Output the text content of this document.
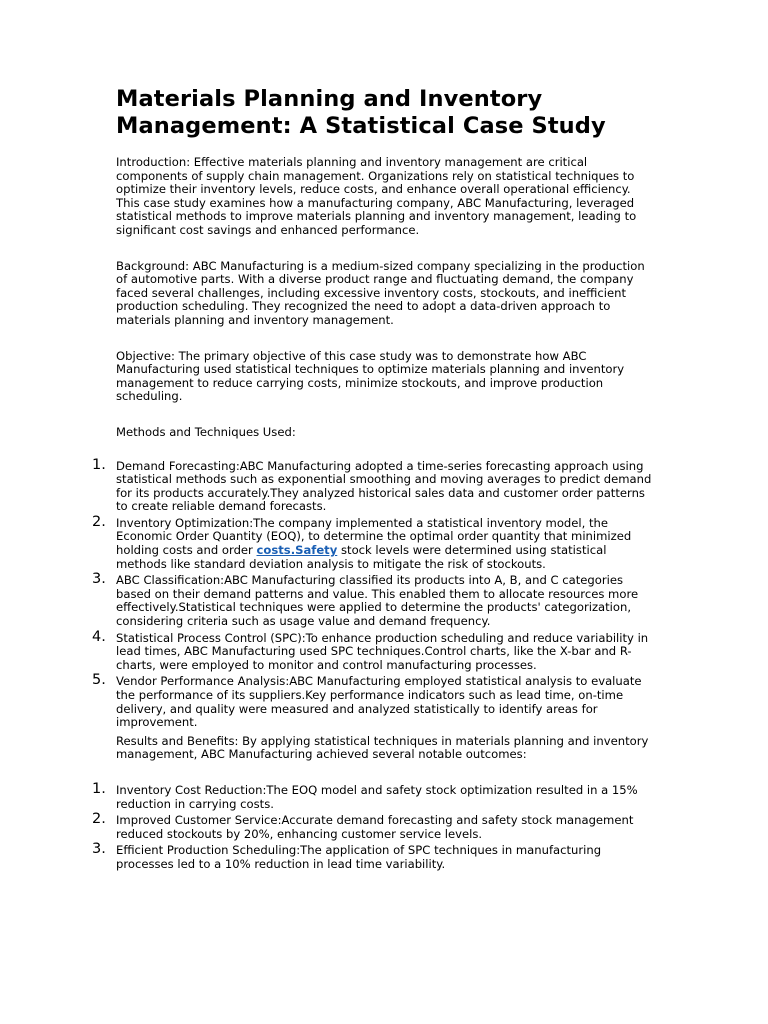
Materials Planning and Inventory Management: A Statistical Case Study

Introduction: Effective materials planning and inventory management are critical components of supply chain management. Organizations rely on statistical techniques to optimize their inventory levels, reduce costs, and enhance overall operational efficiency. This case study examines how a manufacturing company, ABC Manufacturing, leveraged statistical methods to improve materials planning and inventory management, leading to significant cost savings and enhanced performance.

Background: ABC Manufacturing is a medium-sized company specializing in the production of automotive parts. With a diverse product range and fluctuating demand, the company faced several challenges, including excessive inventory costs, stockouts, and inefficient production scheduling. They recognized the need to adopt a data-driven approach to materials planning and inventory management.

Objective: The primary objective of this case study was to demonstrate how ABC Manufacturing used statistical techniques to optimize materials planning and inventory management to reduce carrying costs, minimize stockouts, and improve production scheduling.

Methods and Techniques Used:

1. Demand Forecasting:ABC Manufacturing adopted a time-series forecasting approach using statistical methods such as exponential smoothing and moving averages to predict demand for its products accurately.They analyzed historical sales data and customer order patterns to create reliable demand forecasts.
2. Inventory Optimization:The company implemented a statistical inventory model, the Economic Order Quantity (EOQ), to determine the optimal order quantity that minimized holding costs and order costs.Safety stock levels were determined using statistical methods like standard deviation analysis to mitigate the risk of stockouts.
3. ABC Classification:ABC Manufacturing classified its products into A, B, and C categories based on their demand patterns and value. This enabled them to allocate resources more effectively.Statistical techniques were applied to determine the products' categorization, considering criteria such as usage value and demand frequency.
4. Statistical Process Control (SPC):To enhance production scheduling and reduce variability in lead times, ABC Manufacturing used SPC techniques.Control charts, like the X-bar and R-charts, were employed to monitor and control manufacturing processes.
5. Vendor Performance Analysis:ABC Manufacturing employed statistical analysis to evaluate the performance of its suppliers.Key performance indicators such as lead time, on-time delivery, and quality were measured and analyzed statistically to identify areas for improvement.

Results and Benefits: By applying statistical techniques in materials planning and inventory management, ABC Manufacturing achieved several notable outcomes:

1. Inventory Cost Reduction:The EOQ model and safety stock optimization resulted in a 15% reduction in carrying costs.
2. Improved Customer Service:Accurate demand forecasting and safety stock management reduced stockouts by 20%, enhancing customer service levels.
3. Efficient Production Scheduling:The application of SPC techniques in manufacturing processes led to a 10% reduction in lead time variability.
